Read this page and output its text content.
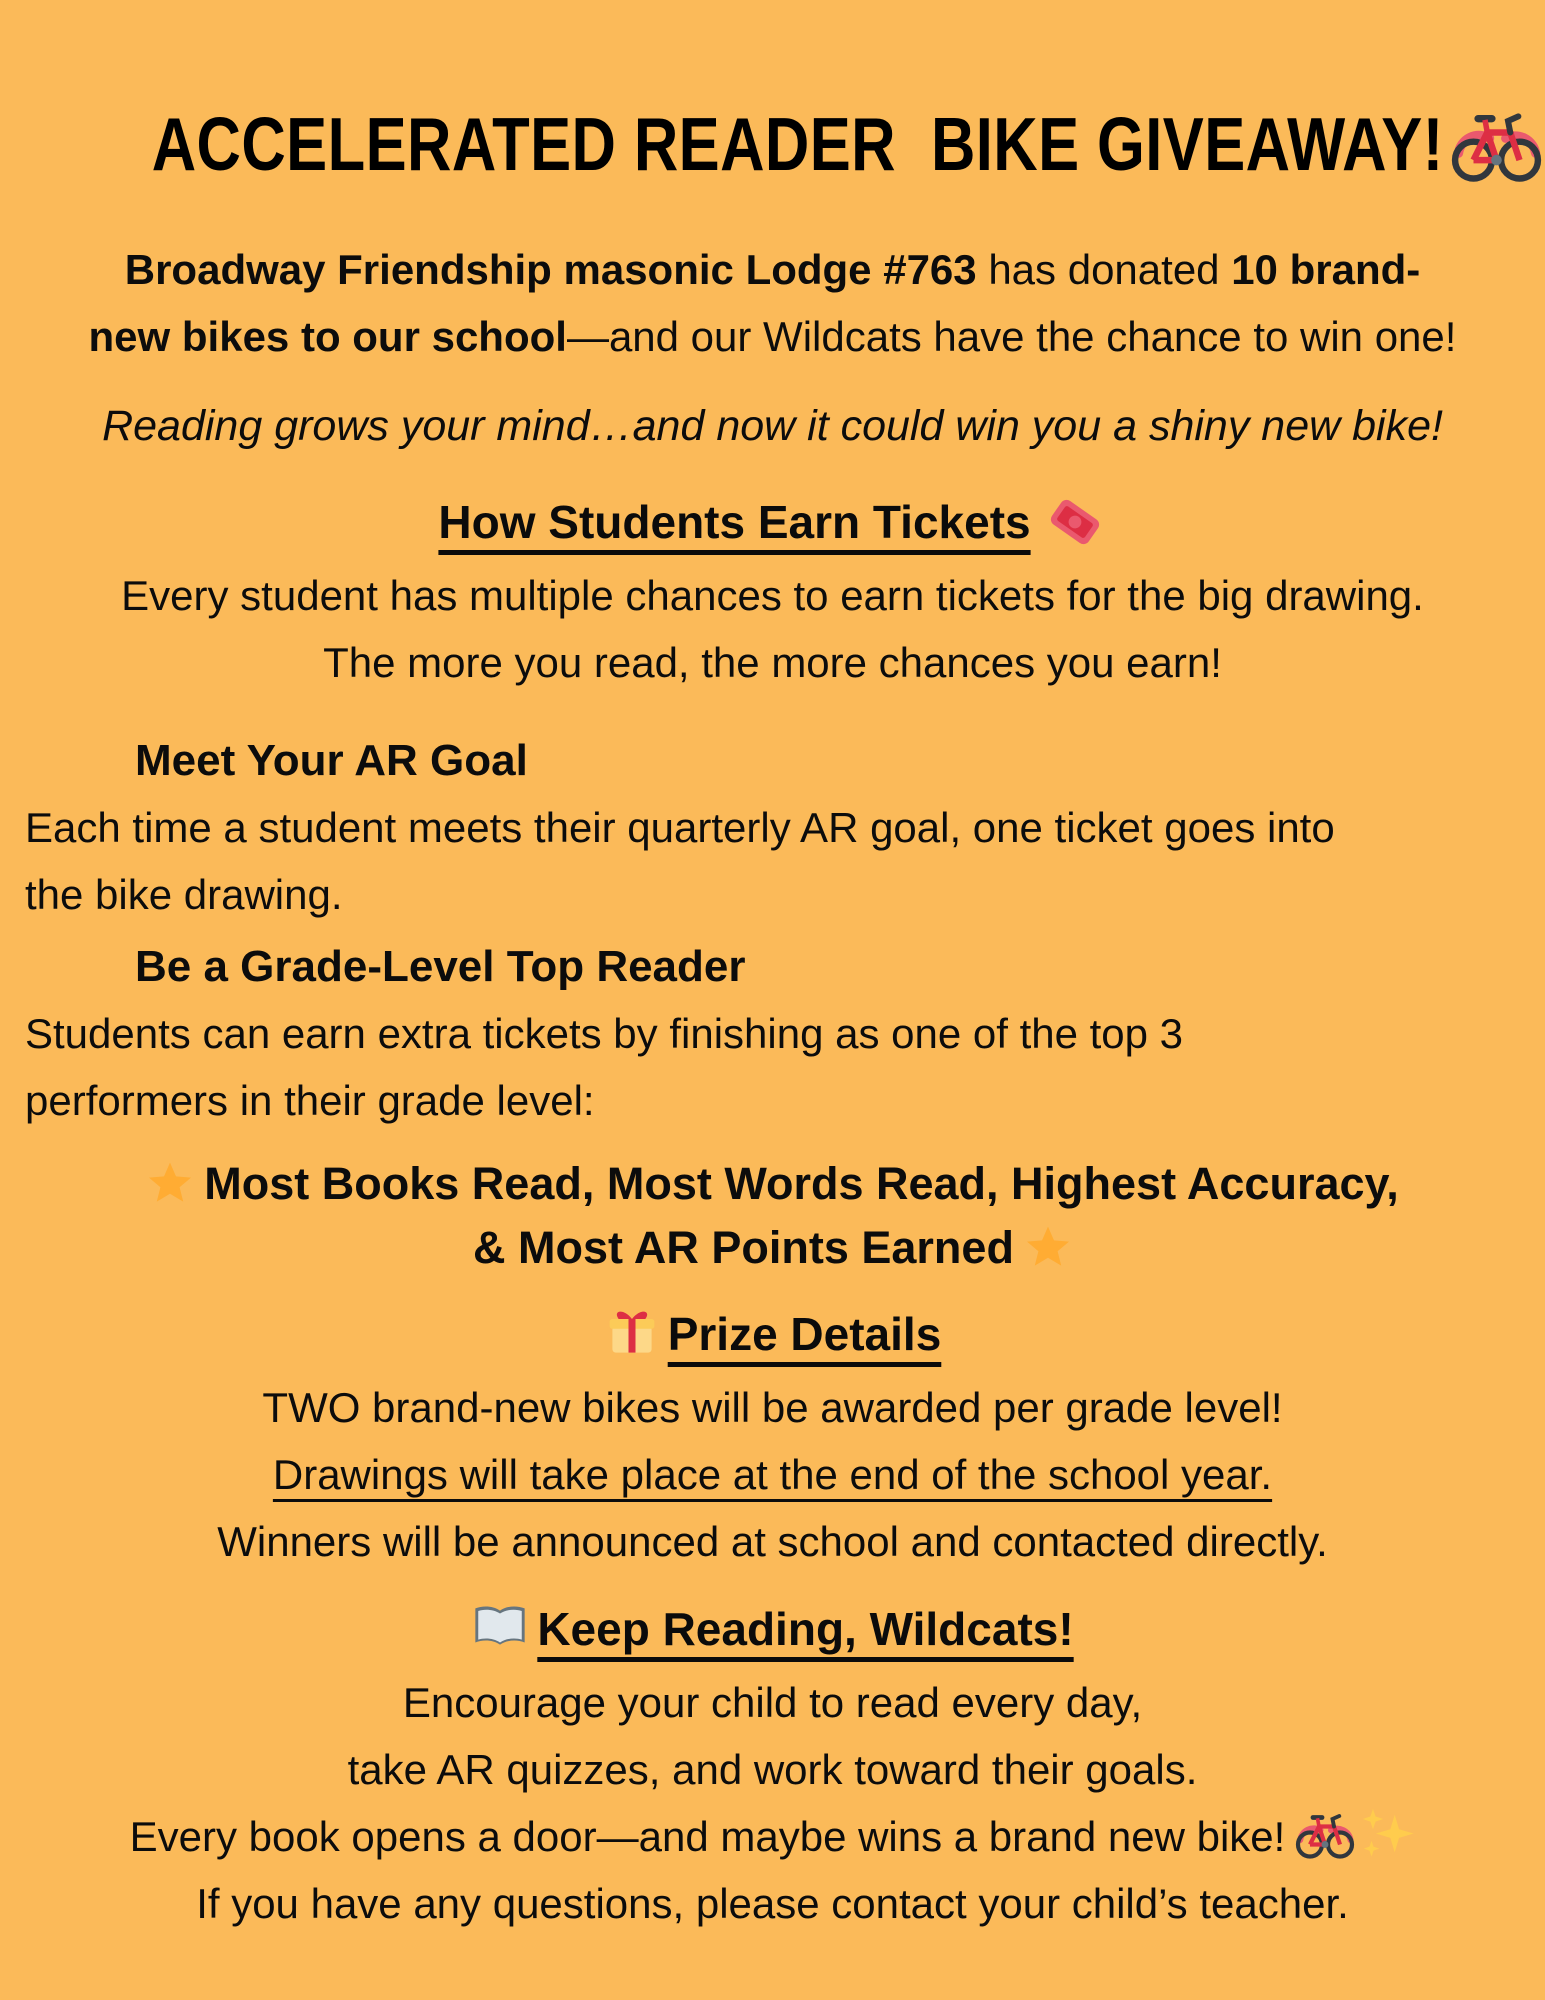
ACCELERATED READER  BIKE GIVEAWAY!

Broadway Friendship masonic Lodge #763 has donated 10 brand-
new bikes to our school—and our Wildcats have the chance to win one!

Reading grows your mind…and now it could win you a shiny new bike!

How Students Earn Tickets

Every student has multiple chances to earn tickets for the big drawing.
The more you read, the more chances you earn!

Meet Your AR Goal

Each time a student meets their quarterly AR goal, one ticket goes into
the bike drawing.

Be a Grade-Level Top Reader

Students can earn extra tickets by finishing as one of the top 3
performers in their grade level:

Most Books Read, Most Words Read, Highest Accuracy,
& Most AR Points Earned

Prize Details

TWO brand-new bikes will be awarded per grade level!
Drawings will take place at the end of the school year.
Winners will be announced at school and contacted directly.

Keep Reading, Wildcats!

Encourage your child to read every day,
take AR quizzes, and work toward their goals.
Every book opens a door—and maybe wins a brand new bike!
If you have any questions, please contact your child’s teacher.
